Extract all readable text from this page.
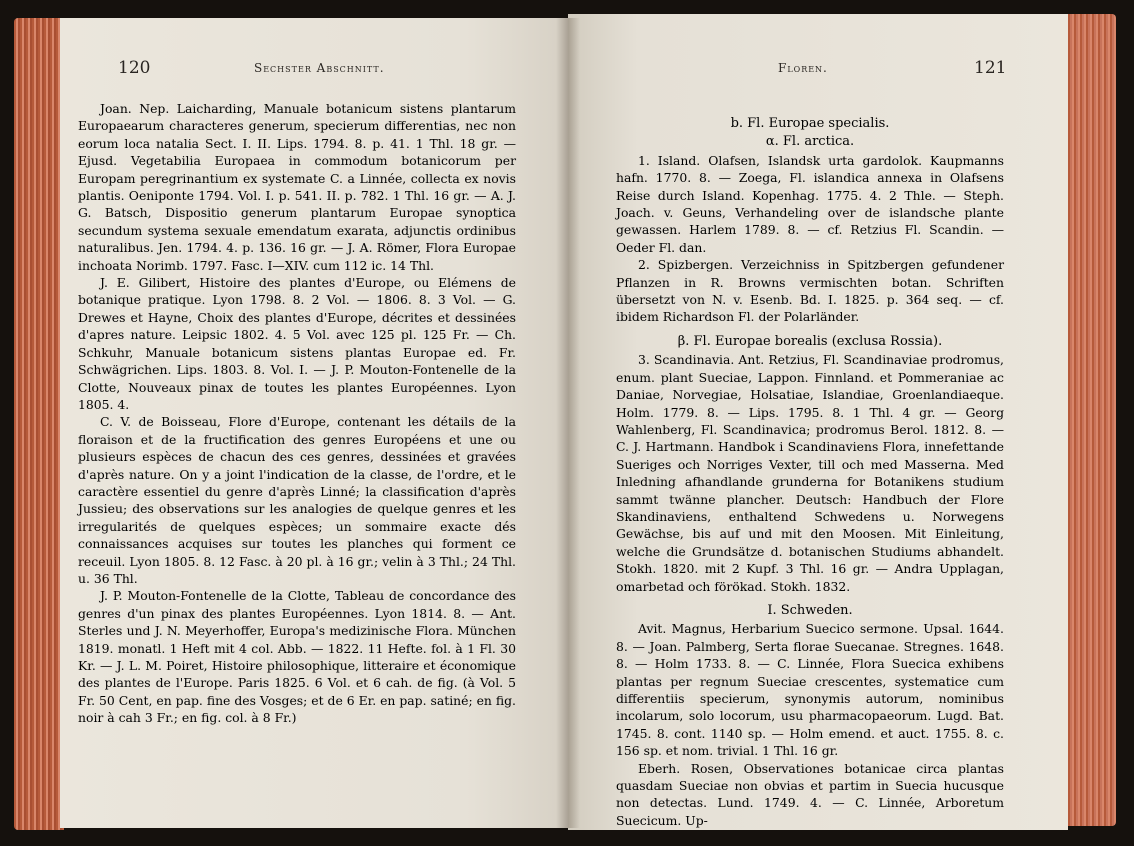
120	Sechster Abschnitt.	Floren.	121

Joan. Nep. Laicharding, Manuale botanicum sistens plantarum Europaearum characteres generum, specierum differentias, nec non eorum loca natalia Sect. I. II. Lips. 1794. 8. p. 41. 1 Thl. 18 gr. — Ejusd. Vegetabilia Europaea in commodum botanicorum per Europam peregrinantium ex systemate C. a Linnée, collecta ex novis plantis. Oeniponte 1794. Vol. I. p. 541. II. p. 782. 1 Thl. 16 gr. — A. J. G. Batsch, Dispositio generum plantarum Europae synoptica secundum systema sexuale emendatum exarata, adjunctis ordinibus naturalibus. Jen. 1794. 4. p. 136. 16 gr. — J. A. Römer, Flora Europae inchoata Norimb. 1797. Fasc. I—XIV. cum 112 ic. 14 Thl.

J. E. Gilibert, Histoire des plantes d'Europe, ou Elémens de botanique pratique. Lyon 1798. 8. 2 Vol. — 1806. 8. 3 Vol. — G. Drewes et Hayne, Choix des plantes d'Europe, décrites et dessinées d'apres nature. Leipsic 1802. 4. 5 Vol. avec 125 pl. 125 Fr. — Ch. Schkuhr, Manuale botanicum sistens plantas Europae ed. Fr. Schwägrichen. Lips. 1803. 8. Vol. I. — J. P. Mouton-Fontenelle de la Clotte, Nouveaux pinax de toutes les plantes Européennes. Lyon 1805. 4.

C. V. de Boisseau, Flore d'Europe, contenant les détails de la floraison et de la fructification des genres Européens et une ou plusieurs espèces de chacun des ces genres, dessinées et gravées d'après nature. On y a joint l'indication de la classe, de l'ordre, et le caractère essentiel du genre d'après Linné; la classification d'après Jussieu; des observations sur les analogies de quelque genres et les irregularités de quelques espèces; un sommaire exacte dés connaissances acquises sur toutes les planches qui forment ce receuil. Lyon 1805. 8. 12 Fasc. à 20 pl. à 16 gr.; velin à 3 Thl.; 24 Thl. u. 36 Thl.

J. P. Mouton-Fontenelle de la Clotte, Tableau de concordance des genres d'un pinax des plantes Européennes. Lyon 1814. 8. — Ant. Sterles und J. N. Meyerhoffer, Europa's medizinische Flora. München 1819. monatl. 1 Heft mit 4 col. Abb. — 1822. 11 Hefte. fol. à 1 Fl. 30 Kr. — J. L. M. Poiret, Histoire philosophique, litteraire et économique des plantes de l'Europe. Paris 1825. 6 Vol. et 6 cah. de fig. (à Vol. 5 Fr. 50 Cent, en pap. fine des Vosges; et de 6 Er. en pap. satiné; en fig. noir à cah 3 Fr.; en fig. col. à 8 Fr.)

b. Fl. Europae specialis.

α. Fl. arctica.

1. Island. Olafsen, Islandsk urta gardolok. Kaupmanns hafn. 1770. 8. — Zoega, Fl. islandica annexa in Olafsens Reise durch Island. Kopenhag. 1775. 4. 2 Thle. — Steph. Joach. v. Geuns, Verhandeling over de islandsche plante gewassen. Harlem 1789. 8. — cf. Retzius Fl. Scandin. — Oeder Fl. dan.

2. Spizbergen. Verzeichniss in Spitzbergen gefundener Pflanzen in R. Browns vermischten botan. Schriften übersetzt von N. v. Esenb. Bd. I. 1825. p. 364 seq. — cf. ibidem Richardson Fl. der Polarländer.

β. Fl. Europae borealis (exclusa Rossia).

3. Scandinavia. Ant. Retzius, Fl. Scandinaviae prodromus, enum. plant Sueciae, Lappon. Finnland. et Pommeraniae ac Daniae, Norvegiae, Holsatiae, Islandiae, Groenlandiaeque. Holm. 1779. 8. — Lips. 1795. 8. 1 Thl. 4 gr. — Georg Wahlenberg, Fl. Scandinavica; prodromus Berol. 1812. 8. — C. J. Hartmann. Handbok i Scandinaviens Flora, innefettande Sueriges och Norriges Vexter, till och med Masserna. Med Inledning afhandlande grunderna for Botanikens studium sammt twänne plancher. Deutsch: Handbuch der Flore Skandinaviens, enthaltend Schwedens u. Norwegens Gewächse, bis auf und mit den Moosen. Mit Einleitung, welche die Grundsätze d. botanischen Studiums abhandelt. Stokh. 1820. mit 2 Kupf. 3 Thl. 16 gr. — Andra Upplagan, omarbetad och förökad. Stokh. 1832.

I. Schweden.

Avit. Magnus, Herbarium Suecico sermone. Upsal. 1644. 8. — Joan. Palmberg, Serta florae Suecanae. Stregnes. 1648. 8. — Holm 1733. 8. — C. Linnée, Flora Suecica exhibens plantas per regnum Sueciae crescentes, systematice cum differentiis specierum, synonymis autorum, nominibus incolarum, solo locorum, usu pharmacopaeorum. Lugd. Bat. 1745. 8. cont. 1140 sp. — Holm emend. et auct. 1755. 8. c. 156 sp. et nom. trivial. 1 Thl. 16 gr.

Eberh. Rosen, Observationes botanicae circa plantas quasdam Sueciae non obvias et partim in Suecia hucusque non detectas. Lund. 1749. 4. — C. Linnée, Arboretum Suecicum. Up-
